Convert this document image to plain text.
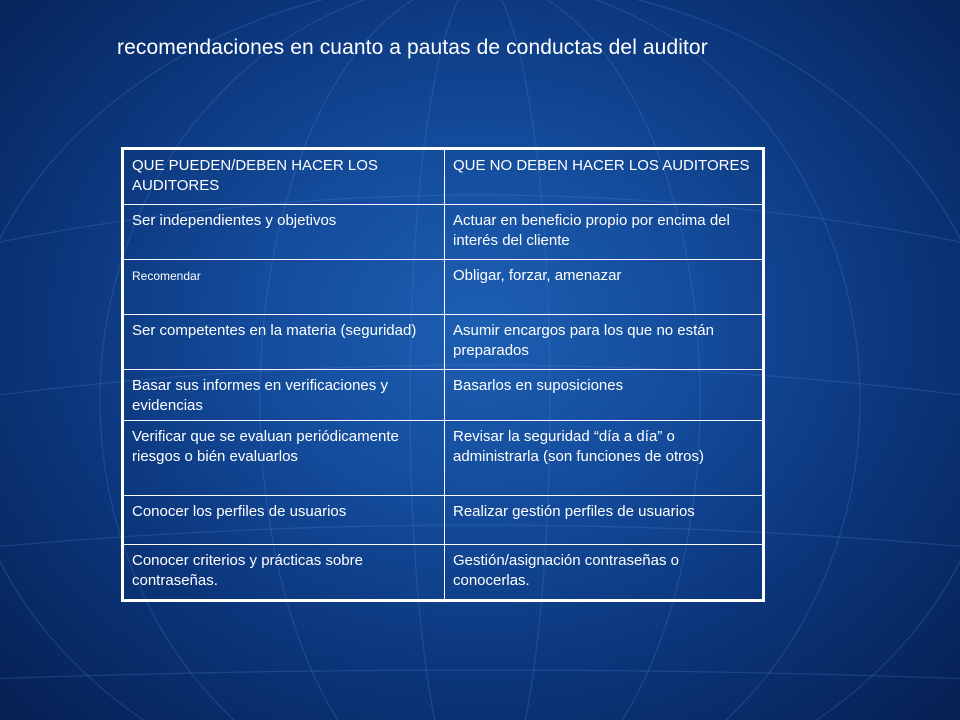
recomendaciones en cuanto a pautas de conductas del auditor
QUE PUEDEN/DEBEN HACER LOS AUDITORES	QUE NO DEBEN HACER LOS AUDITORES
Ser independientes y objetivos	Actuar en beneficio propio por encima del interés del cliente
Recomendar	Obligar, forzar, amenazar
Ser competentes en la materia (seguridad)	Asumir encargos para los que no están preparados
Basar sus informes en verificaciones y evidencias	Basarlos en suposiciones
Verificar que se evaluan periódicamente riesgos o bién evaluarlos	Revisar la seguridad “día a día” o administrarla (son funciones de otros)
Conocer los perfiles de usuarios	Realizar gestión perfiles de usuarios
Conocer criterios y prácticas sobre contraseñas.	Gestión/asignación contraseñas o conocerlas.
